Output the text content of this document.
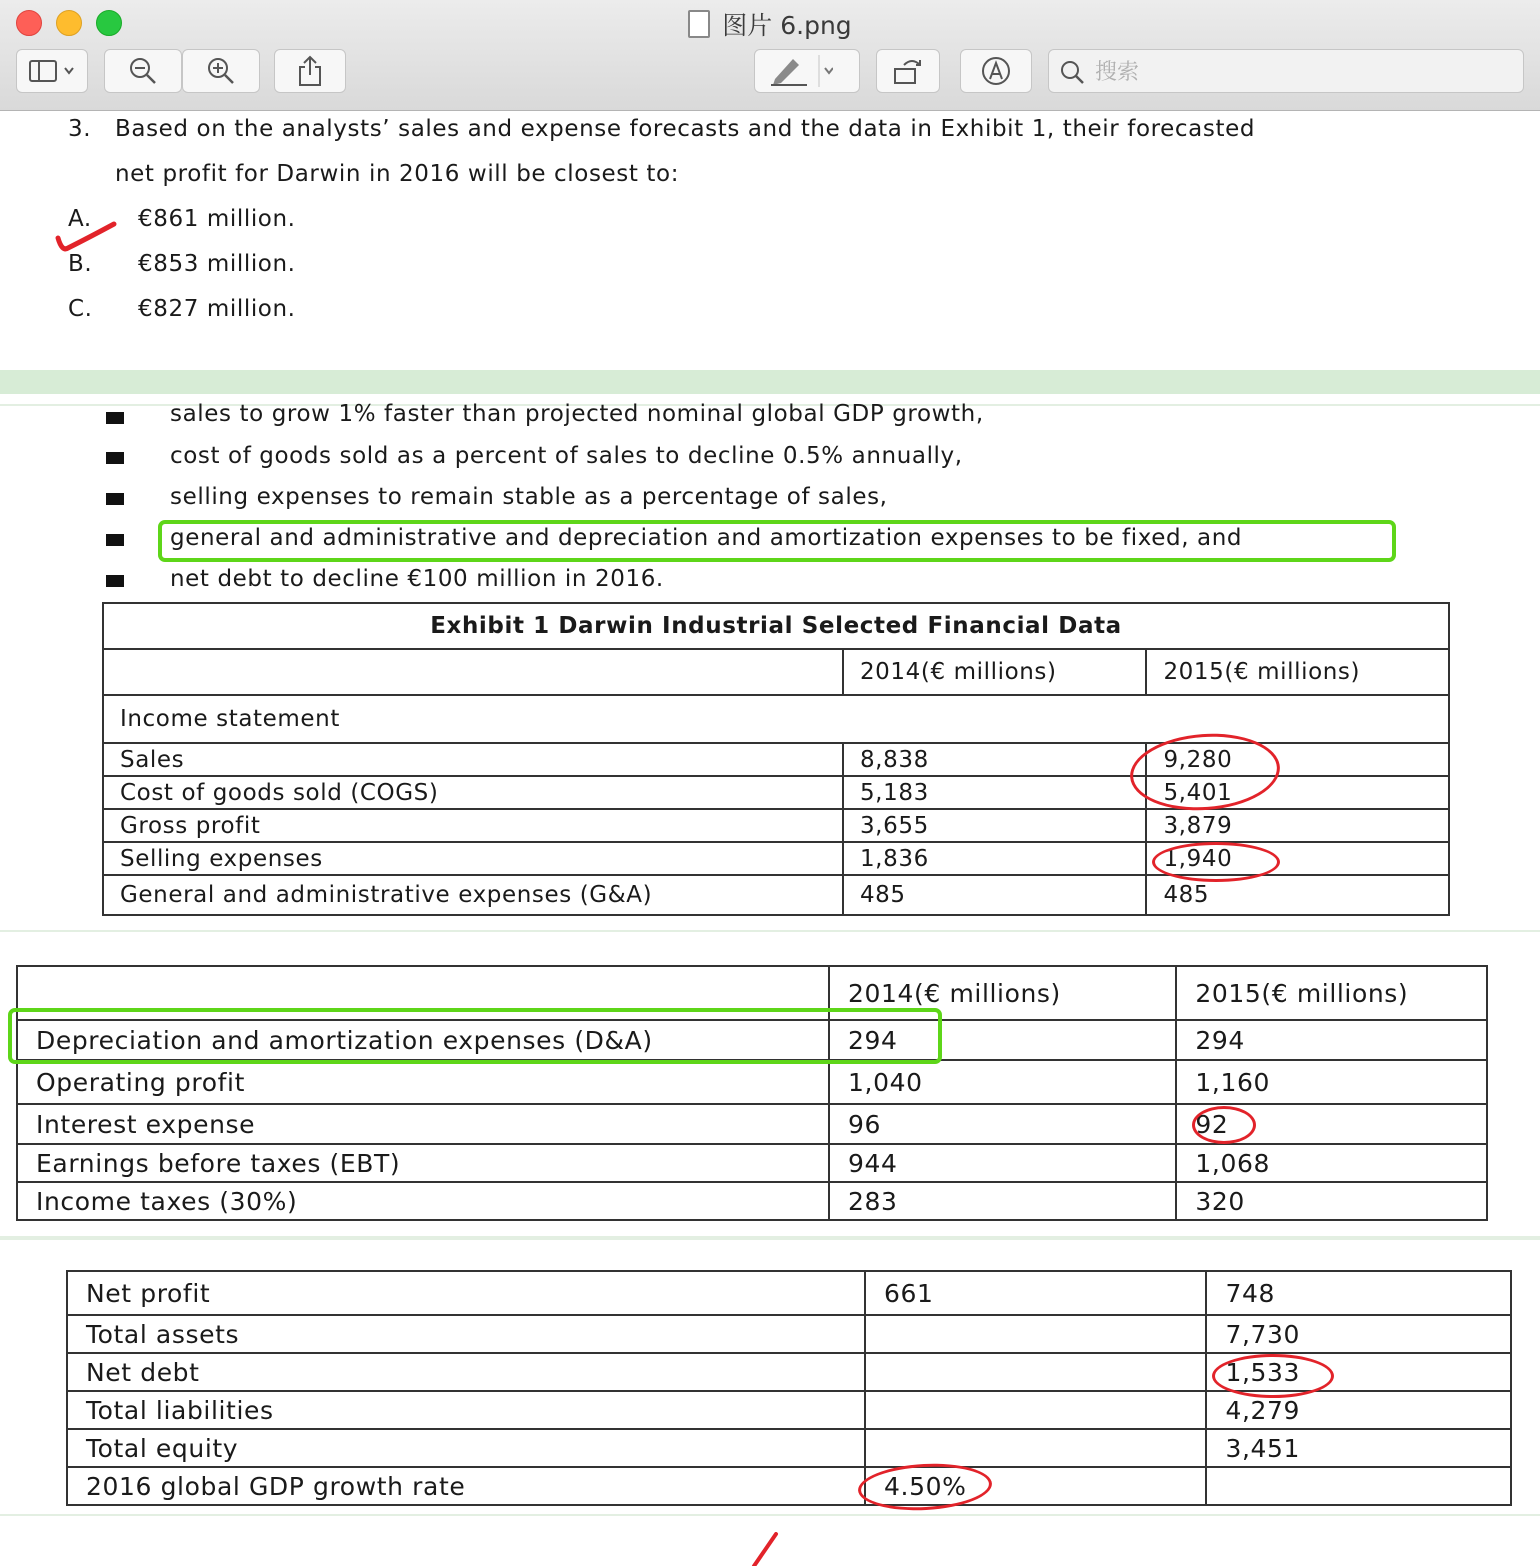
图片 6.png
搜索
3. Based on the analysts’ sales and expense forecasts and the data in Exhibit 1, their forecasted
net profit for Darwin in 2016 will be closest to:
A. €861 million.
B. €853 million.
C. €827 million.
sales to grow 1% faster than projected nominal global GDP growth,
cost of goods sold as a percent of sales to decline 0.5% annually,
selling expenses to remain stable as a percentage of sales,
general and administrative and depreciation and amortization expenses to be fixed, and
net debt to decline €100 million in 2016.
Exhibit 1 Darwin Industrial Selected Financial Data		
	2014(€ millions)	2015(€ millions)
Income statement		
Sales	8,838	9,280
Cost of goods sold (COGS)	5,183	5,401
Gross profit	3,655	3,879
Selling expenses	1,836	1,940
General and administrative expenses (G&A)	485	485
	2014(€ millions)	2015(€ millions)
Depreciation and amortization expenses (D&A)	294	294
Operating profit	1,040	1,160
Interest expense	96	92
Earnings before taxes (EBT)	944	1,068
Income taxes (30%)	283	320
Net profit	661	748
Total assets		7,730
Net debt		1,533
Total liabilities		4,279
Total equity		3,451
2016 global GDP growth rate	4.50%	
